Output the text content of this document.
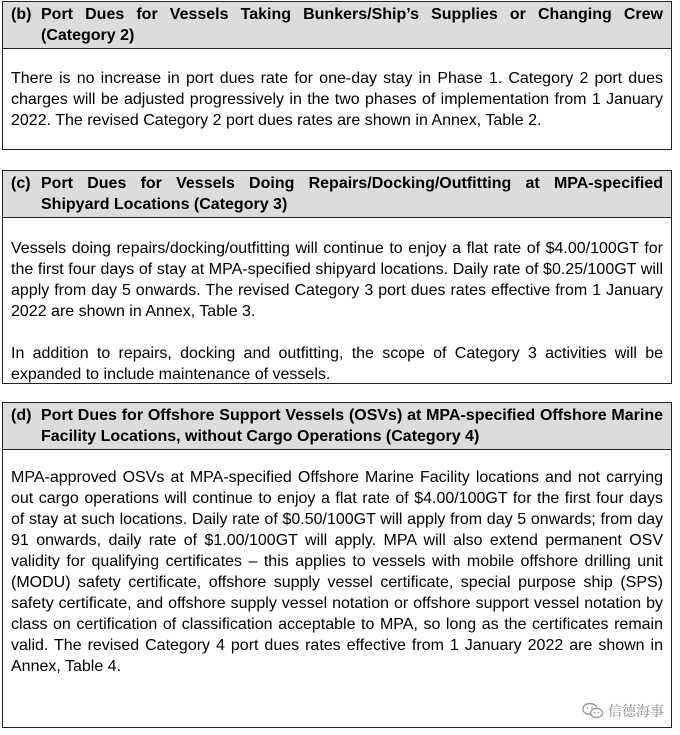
(b) Port Dues for Vessels Taking Bunkers/Ship’s Supplies or Changing Crew (Category 2)

There is no increase in port dues rate for one-day stay in Phase 1. Category 2 port dues charges will be adjusted progressively in the two phases of implementation from 1 January 2022. The revised Category 2 port dues rates are shown in Annex, Table 2.

(c) Port Dues for Vessels Doing Repairs/Docking/Outfitting at MPA-specified Shipyard Locations (Category 3)

Vessels doing repairs/docking/outfitting will continue to enjoy a flat rate of $4.00/100GT for the first four days of stay at MPA-specified shipyard locations. Daily rate of $0.25/100GT will apply from day 5 onwards. The revised Category 3 port dues rates effective from 1 January 2022 are shown in Annex, Table 3.

In addition to repairs, docking and outfitting, the scope of Category 3 activities will be expanded to include maintenance of vessels.

(d) Port Dues for Offshore Support Vessels (OSVs) at MPA-specified Offshore Marine Facility Locations, without Cargo Operations (Category 4)

MPA-approved OSVs at MPA-specified Offshore Marine Facility locations and not carrying out cargo operations will continue to enjoy a flat rate of $4.00/100GT for the first four days of stay at such locations. Daily rate of $0.50/100GT will apply from day 5 onwards; from day 91 onwards, daily rate of $1.00/100GT will apply. MPA will also extend permanent OSV validity for qualifying certificates – this applies to vessels with mobile offshore drilling unit (MODU) safety certificate, offshore supply vessel certificate, special purpose ship (SPS) safety certificate, and offshore supply vessel notation or offshore support vessel notation by class on certification of classification acceptable to MPA, so long as the certificates remain valid. The revised Category 4 port dues rates effective from 1 January 2022 are shown in Annex, Table 4.

信德海事
